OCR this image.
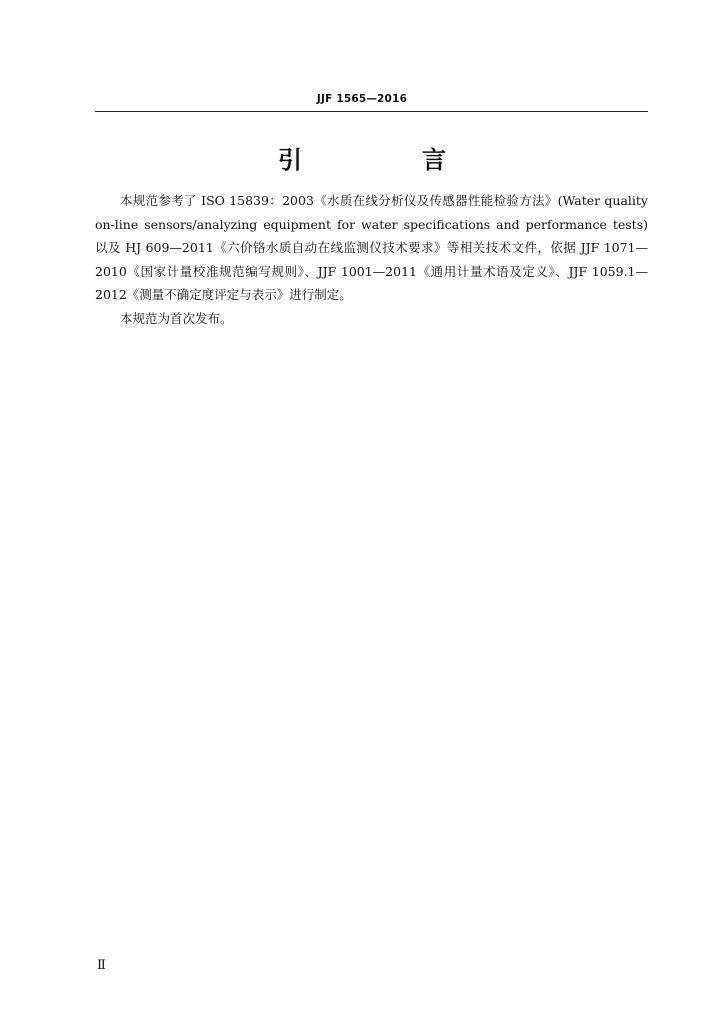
JJF 1565—2016
引　言

本规范参考了 ISO 15839：2003《水质在线分析仪及传感器性能检验方法》(Water quality on-line sensors/analyzing equipment for water specifications and performance tests) 以及 HJ 609—2011《六价铬水质自动在线监测仪技术要求》等相关技术文件，依据 JJF 1071—2010《国家计量校准规范编写规则》、JJF 1001—2011《通用计量术语及定义》、JJF 1059.1—2012《测量不确定度评定与表示》进行制定。

本规范为首次发布。

Ⅱ
